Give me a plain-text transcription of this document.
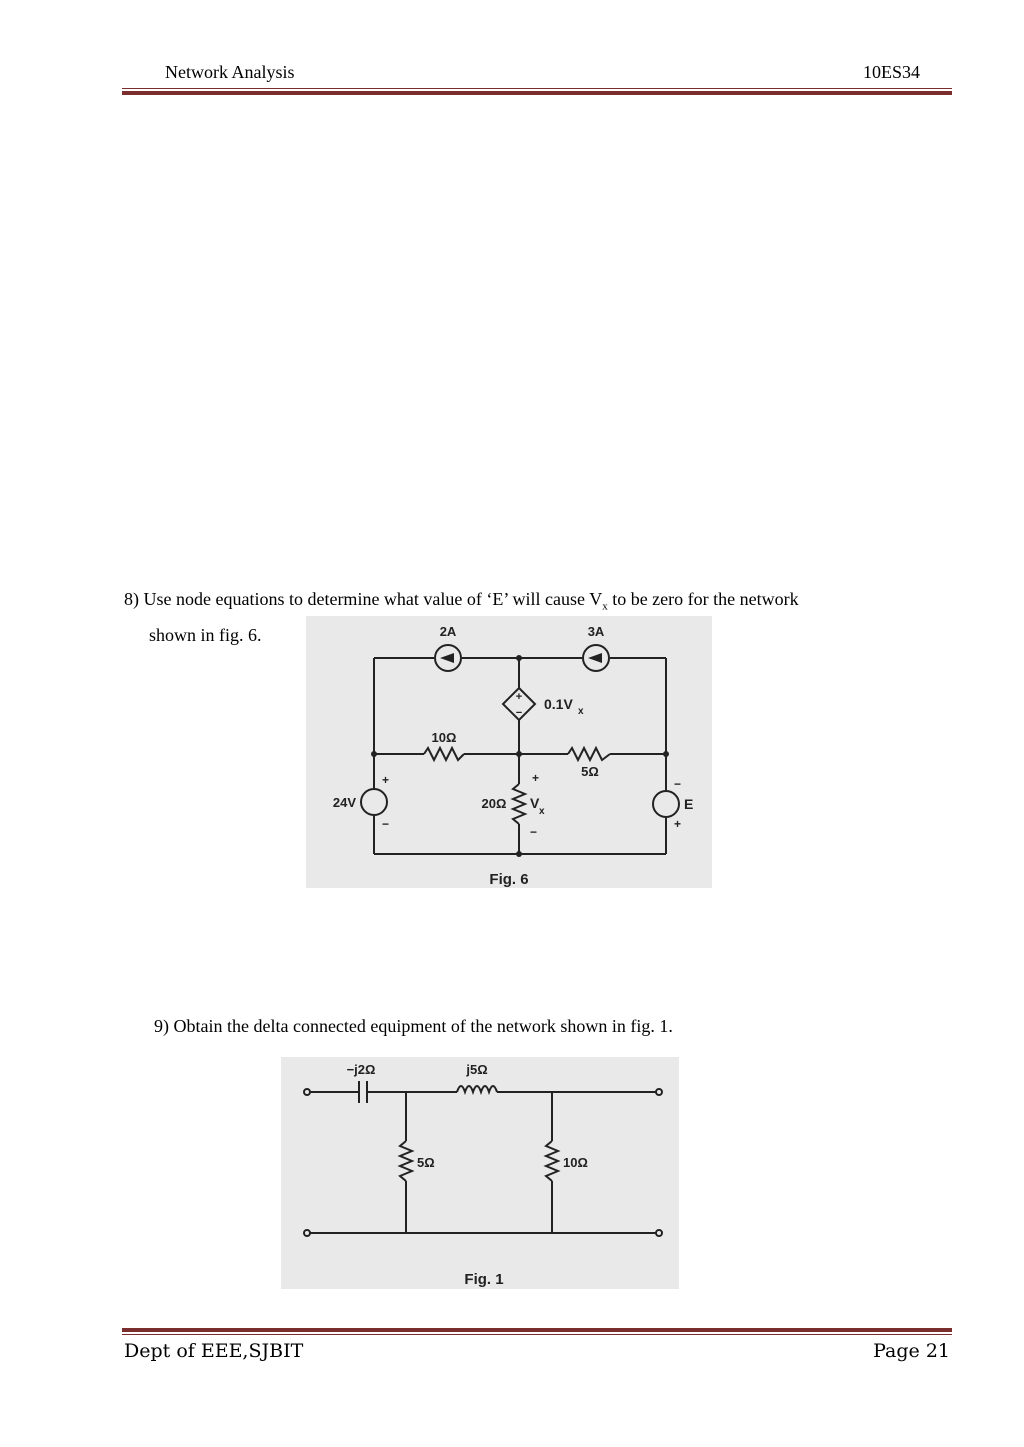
Network Analysis	10ES34
8) Use node equations to determine what value of ‘E’ will cause $V_x$ to be zero for the network
shown in fig. 6.	2A	3A
+
−
0.1V x
10Ω
5Ω
20Ω V
x
+
−
24V
+
−
E
−
+
Fig. 6
9) Obtain the delta connected equipment of the network shown in fig. 1.
−j2Ω	j5Ω
5Ω	10Ω
Fig. 1
Dept of EEE,SJBIT	Page 21
